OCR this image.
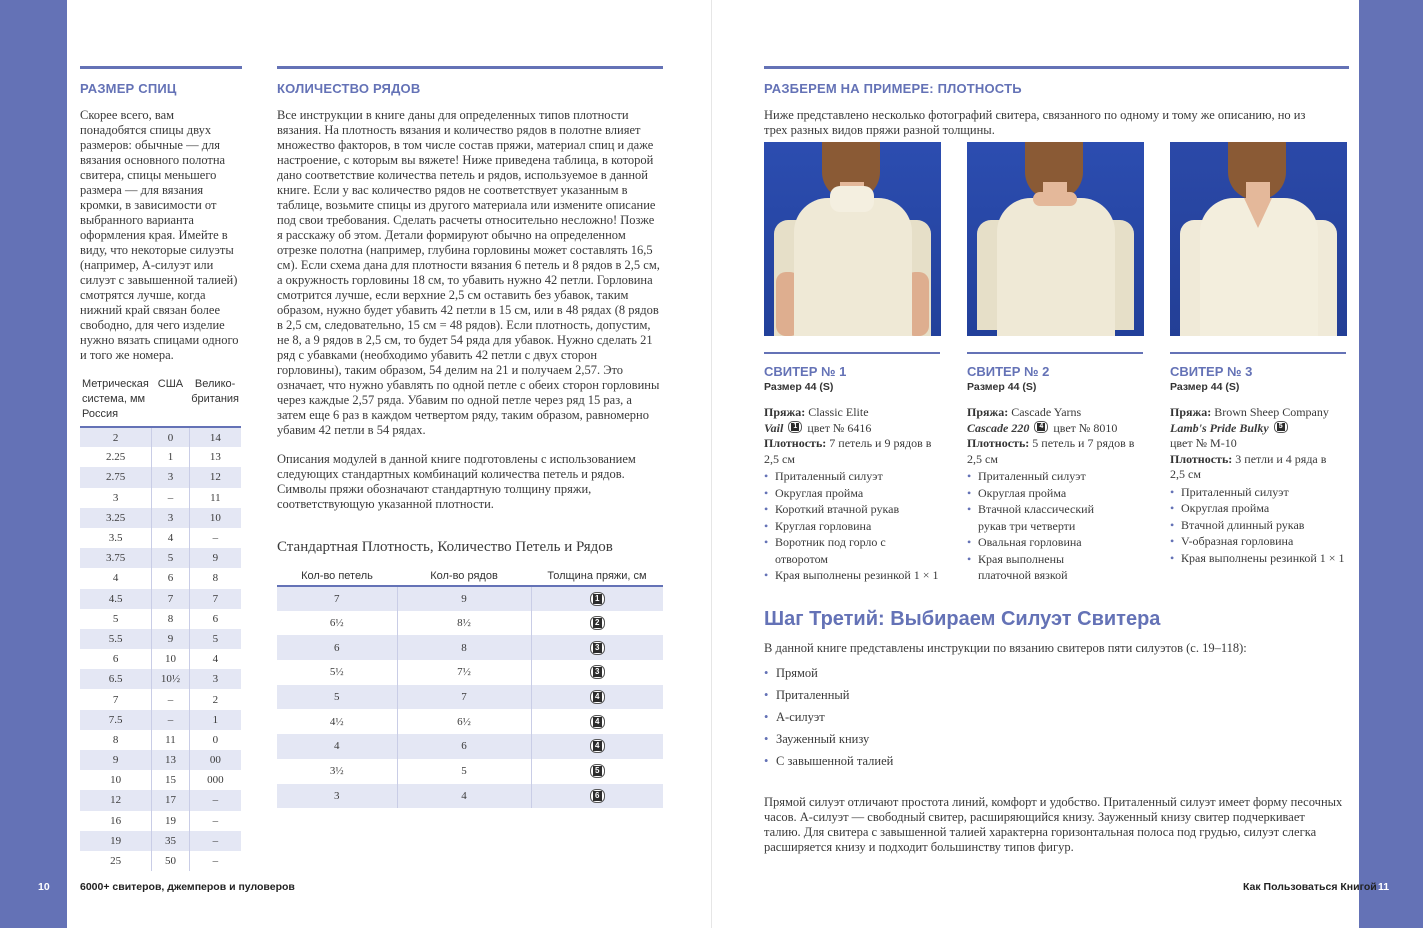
РАЗМЕР СПИЦ
Скорее всего, вам понадобятся спицы двух размеров: обычные — для вязания основного полотна свитера, спицы меньшего размера — для вязания кромки, в зависимости от выбранного варианта оформления края. Имейте в виду, что некоторые силуэты (например, А-силуэт или силуэт с завышенной талией) смотрятся лучше, когда нижний край связан более свободно, для чего изделие нужно вязать спицами одного и того же номера.
Метрическая система, мм Россия	США	Велико-британия
2	0	14
2.25	1	13
2.75	3	12
3	–	11
3.25	3	10
3.5	4	–
3.75	5	9
4	6	8
4.5	7	7
5	8	6
5.5	9	5
6	10	4
6.5	10½	3
7	–	2
7.5	–	1
8	11	0
9	13	00
10	15	000
12	17	–
16	19	–
19	35	–
25	50	–
КОЛИЧЕСТВО РЯДОВ
Все инструкции в книге даны для определенных типов плотности вязания. На плотность вязания и количество рядов в полотне влияет множество факторов, в том числе состав пряжи, материал спиц и даже настроение, с которым вы вяжете! Ниже приведена таблица, в которой дано соответствие количества петель и рядов, используемое в данной книге. Если у вас количество рядов не соответствует указанным в таблице, возьмите спицы из другого материала или измените описание под свои требования. Сделать расчеты относительно несложно! Позже я расскажу об этом. Детали формируют обычно на определенном отрезке полотна (например, глубина горловины может составлять 16,5 см). Если схема дана для плотности вязания 6 петель и 8 рядов в 2,5 см, а окружность горловины 18 см, то убавить нужно 42 петли. Горловина смотрится лучше, если верхние 2,5 см оставить без убавок, таким образом, нужно будет убавить 42 петли в 15 см, или в 48 рядах (8 рядов в 2,5 см, следовательно, 15 см = 48 рядов). Если плотность, допустим, не 8, а 9 рядов в 2,5 см, то будет 54 ряда для убавок. Нужно сделать 21 ряд с убавками (необходимо убавить 42 петли с двух сторон горловины), таким образом, 54 делим на 21 и получаем 2,57. Это означает, что нужно убавлять по одной петле с обеих сторон горловины через каждые 2,57 ряда. Убавим по одной петле через ряд 15 раз, а затем еще 6 раз в каждом четвертом ряду, таким образом, равномерно убавим 42 петли в 54 рядах.
Описания модулей в данной книге подготовлены с использованием следующих стандартных комбинаций количества петель и рядов. Символы пряжи обозначают стандартную толщину пряжи, соответствующую указанной плотности.
Стандартная Плотность, Количество Петель и Рядов
Кол-во петель	Кол-во рядов	Толщина пряжи, см
7	9	1

6½	8½	2

6	8	3

5½	7½	3

5	7	4

4½	6½	4

4	6	4

3½	5	5

3	4	6
10	6000+ свитеров, джемперов и пуловеров
РАЗБЕРЕМ НА ПРИМЕРЕ: ПЛОТНОСТЬ
Ниже представлено несколько фотографий свитера, связанного по одному и тому же описанию, но из трех разных видов пряжи разной толщины.
СВИТЕР № 1
Размер 44 (S)
Пряжа: Classic Elite
Vail 1 цвет № 6416
Плотность: 7 петель и 9 рядов в 2,5 см
• Приталенный силуэт
• Округлая пройма
• Короткий втачной рукав
• Круглая горловина
• Воротник под горло с отворотом
• Края выполнены резинкой 1 × 1
СВИТЕР № 2
Размер 44 (S)
Пряжа: Cascade Yarns
Cascade 220 4 цвет № 8010
Плотность: 5 петель и 7 рядов в 2,5 см
• Приталенный силуэт
• Округлая пройма
• Втачной классический рукав три четверти
• Овальная горловина
• Края выполнены платочной вязкой
СВИТЕР № 3
Размер 44 (S)
Пряжа: Brown Sheep Company
Lamb's Pride Bulky 5

цвет № M-10
Плотность: 3 петли и 4 ряда в 2,5 см
• Приталенный силуэт
• Округлая пройма
• Втачной длинный рукав
• V-образная горловина
• Края выполнены резинкой 1 × 1
Шаг Третий: Выбираем Силуэт Свитера
В данной книге представлены инструкции по вязанию свитеров пяти силуэтов (с. 19–118):
• Прямой
• Приталенный
• А-силуэт
• Зауженный книзу
• С завышенной талией
Прямой силуэт отличают простота линий, комфорт и удобство. Приталенный силуэт имеет форму песочных часов. А-силуэт — свободный свитер, расширяющийся книзу. Зауженный книзу свитер подчеркивает талию. Для свитера с завышенной талией характерна горизонтальная полоса под грудью, силуэт слегка расширяется книзу и подходит большинству типов фигур.
Как Пользоваться Книгой 11
